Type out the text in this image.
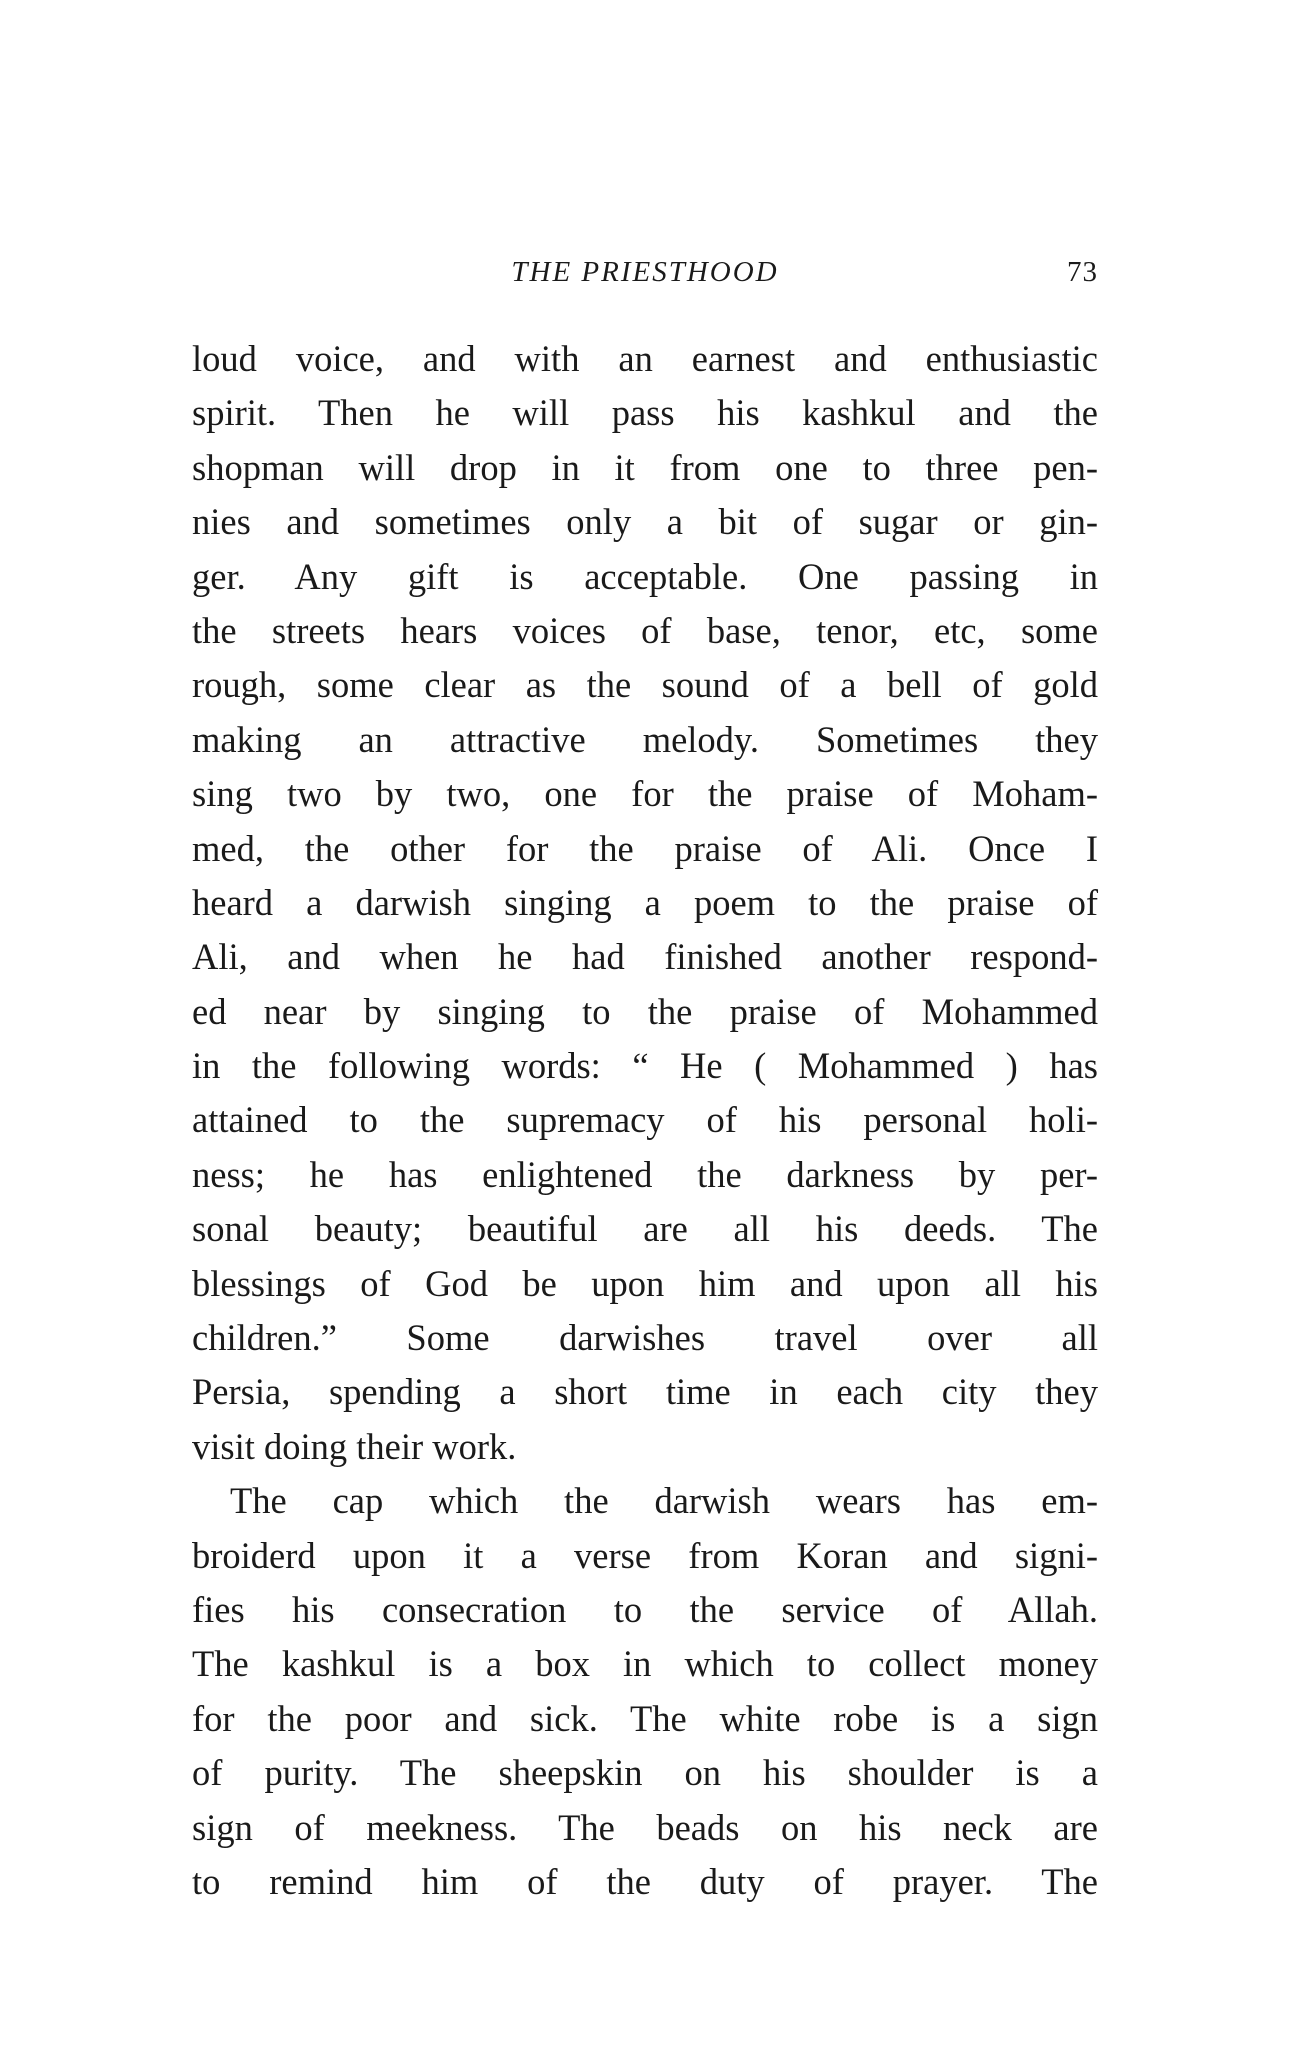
THE PRIESTHOOD	73
loud voice, and with an earnest and enthusiastic
spirit. Then he will pass his kashkul and the
shopman will drop in it from one to three pen-
nies and sometimes only a bit of sugar or gin-
ger. Any gift is acceptable. One passing in
the streets hears voices of base, tenor, etc, some
rough, some clear as the sound of a bell of gold
making an attractive melody. Sometimes they
sing two by two, one for the praise of Moham-
med, the other for the praise of Ali. Once I
heard a darwish singing a poem to the praise of
Ali, and when he had finished another respond-
ed near by singing to the praise of Mohammed
in the following words: “ He ( Mohammed ) has
attained to the supremacy of his personal holi-
ness; he has enlightened the darkness by per-
sonal beauty; beautiful are all his deeds. The
blessings of God be upon him and upon all his
children.” Some darwishes travel over all
Persia, spending a short time in each city they
visit doing their work.
The cap which the darwish wears has em-
broiderd upon it a verse from Koran and signi-
fies his consecration to the service of Allah.
The kashkul is a box in which to collect money
for the poor and sick. The white robe is a sign
of purity. The sheepskin on his shoulder is a
sign of meekness. The beads on his neck are
to remind him of the duty of prayer. The
